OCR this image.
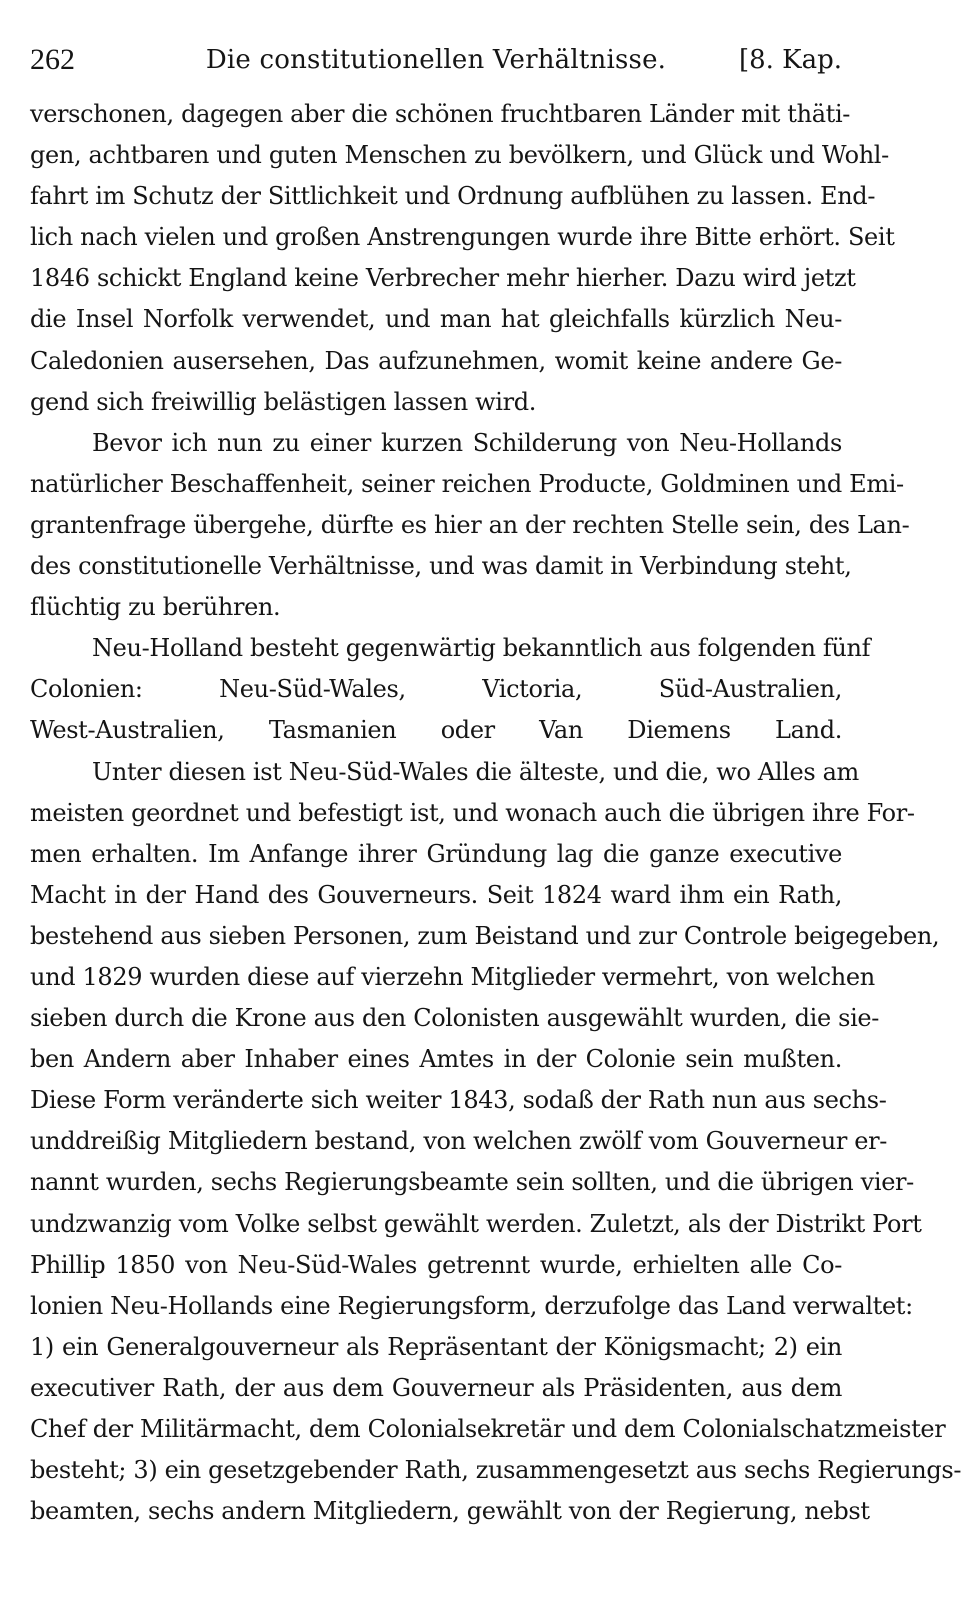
262	Die constitutionellen Verhältnisse.	[8. Kap.
verschonen, dagegen aber die schönen fruchtbaren Länder mit thäti-
gen, achtbaren und guten Menschen zu bevölkern, und Glück und Wohl-
fahrt im Schutz der Sittlichkeit und Ordnung aufblühen zu lassen. End-
lich nach vielen und großen Anstrengungen wurde ihre Bitte erhört. Seit
1846 schickt England keine Verbrecher mehr hierher. Dazu wird jetzt
die Insel Norfolk verwendet, und man hat gleichfalls kürzlich Neu-
Caledonien ausersehen, Das aufzunehmen, womit keine andere Ge-
gend sich freiwillig belästigen lassen wird.
Bevor ich nun zu einer kurzen Schilderung von Neu-Hollands
natürlicher Beschaffenheit, seiner reichen Producte, Goldminen und Emi-
grantenfrage übergehe, dürfte es hier an der rechten Stelle sein, des Lan-
des constitutionelle Verhältnisse, und was damit in Verbindung steht,
flüchtig zu berühren.
Neu-Holland besteht gegenwärtig bekanntlich aus folgenden fünf
Colonien: Neu-Süd-Wales, Victoria, Süd-Australien,
West-Australien, Tasmanien oder Van Diemens Land.
Unter diesen ist Neu-Süd-Wales die älteste, und die, wo Alles am
meisten geordnet und befestigt ist, und wonach auch die übrigen ihre For-
men erhalten. Im Anfange ihrer Gründung lag die ganze executive
Macht in der Hand des Gouverneurs. Seit 1824 ward ihm ein Rath,
bestehend aus sieben Personen, zum Beistand und zur Controle beigegeben,
und 1829 wurden diese auf vierzehn Mitglieder vermehrt, von welchen
sieben durch die Krone aus den Colonisten ausgewählt wurden, die sie-
ben Andern aber Inhaber eines Amtes in der Colonie sein mußten.
Diese Form veränderte sich weiter 1843, sodaß der Rath nun aus sechs-
unddreißig Mitgliedern bestand, von welchen zwölf vom Gouverneur er-
nannt wurden, sechs Regierungsbeamte sein sollten, und die übrigen vier-
undzwanzig vom Volke selbst gewählt werden. Zuletzt, als der Distrikt Port
Phillip 1850 von Neu-Süd-Wales getrennt wurde, erhielten alle Co-
lonien Neu-Hollands eine Regierungsform, derzufolge das Land verwaltet:
1) ein Generalgouverneur als Repräsentant der Königsmacht; 2) ein
executiver Rath, der aus dem Gouverneur als Präsidenten, aus dem
Chef der Militärmacht, dem Colonialsekretär und dem Colonialschatzmeister
besteht; 3) ein gesetzgebender Rath, zusammengesetzt aus sechs Regierungs-
beamten, sechs andern Mitgliedern, gewählt von der Regierung, nebst
